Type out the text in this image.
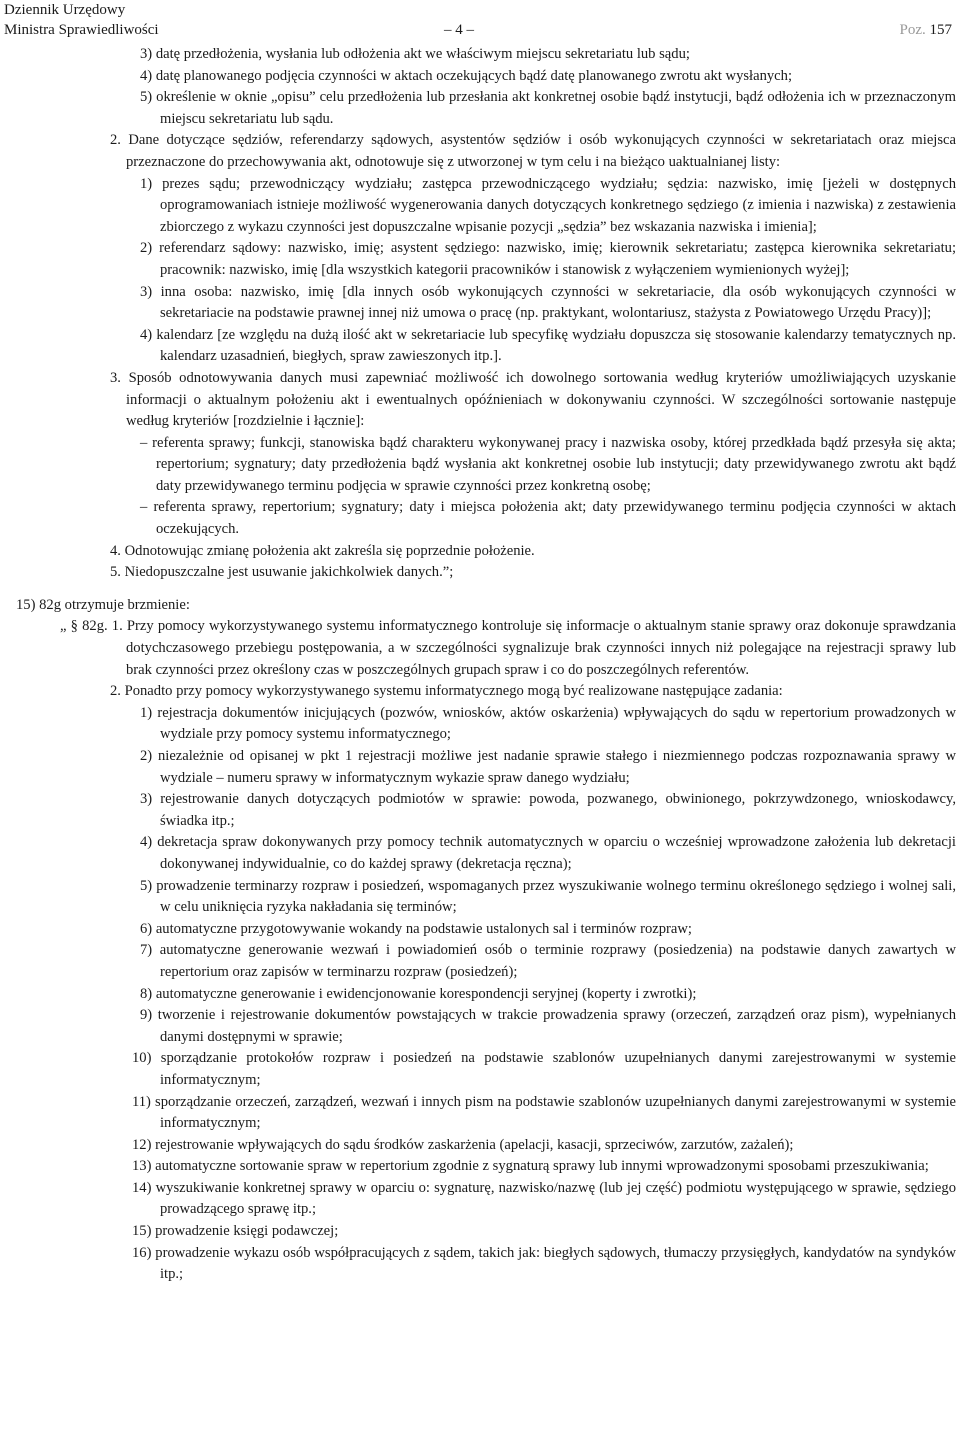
Dziennik Urzędowy
Ministra Sprawiedliwości	– 4 –	Poz. 157
3) datę przedłożenia, wysłania lub odłożenia akt we właściwym miejscu sekretariatu lub sądu;
4) datę planowanego podjęcia czynności w aktach oczekujących bądź datę planowanego zwrotu akt wysłanych;
5) określenie w oknie „opisu” celu przedłożenia lub przesłania akt konkretnej osobie bądź instytucji, bądź odłożenia ich w przeznaczonym miejscu sekretariatu lub sądu.
2. Dane dotyczące sędziów, referendarzy sądowych, asystentów sędziów i osób wykonujących czynności w sekretariatach oraz miejsca przeznaczone do przechowywania akt, odnotowuje się z utworzonej w tym celu i na bieżąco uaktualnianej listy:
1) prezes sądu; przewodniczący wydziału; zastępca przewodniczącego wydziału; sędzia: nazwisko, imię [jeżeli w dostępnych oprogramowaniach istnieje możliwość wygenerowania danych dotyczących konkretnego sędziego (z imienia i nazwiska) z zestawienia zbiorczego z wykazu czynności jest dopuszczalne wpisanie pozycji „sędzia” bez wskazania nazwiska i imienia];
2) referendarz sądowy: nazwisko, imię; asystent sędziego: nazwisko, imię; kierownik sekretariatu; zastępca kierownika sekretariatu; pracownik: nazwisko, imię [dla wszystkich kategorii pracowników i stanowisk z wyłączeniem wymienionych wyżej];
3) inna osoba: nazwisko, imię [dla innych osób wykonujących czynności w sekretariacie, dla osób wykonujących czynności w sekretariacie na podstawie prawnej innej niż umowa o pracę (np. praktykant, wolontariusz, stażysta z Powiatowego Urzędu Pracy)];
4) kalendarz [ze względu na dużą ilość akt w sekretariacie lub specyfikę wydziału dopuszcza się stosowanie kalendarzy tematycznych np. kalendarz uzasadnień, biegłych, spraw zawieszonych itp.].
3. Sposób odnotowywania danych musi zapewniać możliwość ich dowolnego sortowania według kryteriów umożliwiających uzyskanie informacji o aktualnym położeniu akt i ewentualnych opóźnieniach w dokonywaniu czynności. W szczególności sortowanie następuje według kryteriów [rozdzielnie i łącznie]:
– referenta sprawy; funkcji, stanowiska bądź charakteru wykonywanej pracy i nazwiska osoby, której przedkłada bądź przesyła się akta; repertorium; sygnatury; daty przedłożenia bądź wysłania akt konkretnej osobie lub instytucji; daty przewidywanego zwrotu akt bądź daty przewidywanego terminu podjęcia w sprawie czynności przez konkretną osobę;
– referenta sprawy, repertorium; sygnatury; daty i miejsca położenia akt; daty przewidywanego terminu podjęcia czynności w aktach oczekujących.
4. Odnotowując zmianę położenia akt zakreśla się poprzednie położenie.
5. Niedopuszczalne jest usuwanie jakichkolwiek danych.”;
15) 82g otrzymuje brzmienie:
„ § 82g. 1. Przy pomocy wykorzystywanego systemu informatycznego kontroluje się informacje o aktualnym stanie sprawy oraz dokonuje sprawdzania dotychczasowego przebiegu postępowania, a w szczególności sygnalizuje brak czynności innych niż polegające na rejestracji sprawy lub brak czynności przez określony czas w poszczególnych grupach spraw i co do poszczególnych referentów.
2. Ponadto przy pomocy wykorzystywanego systemu informatycznego mogą być realizowane następujące zadania:
1) rejestracja dokumentów inicjujących (pozwów, wniosków, aktów oskarżenia) wpływających do sądu w repertorium prowadzonych w wydziale przy pomocy systemu informatycznego;
2) niezależnie od opisanej w pkt 1 rejestracji możliwe jest nadanie sprawie stałego i niezmiennego podczas rozpoznawania sprawy w wydziale – numeru sprawy w informatycznym wykazie spraw danego wydziału;
3) rejestrowanie danych dotyczących podmiotów w sprawie: powoda, pozwanego, obwinionego, pokrzywdzonego, wnioskodawcy, świadka itp.;
4) dekretacja spraw dokonywanych przy pomocy technik automatycznych w oparciu o wcześniej wprowadzone założenia lub dekretacji dokonywanej indywidualnie, co do każdej sprawy (dekretacja ręczna);
5) prowadzenie terminarzy rozpraw i posiedzeń, wspomaganych przez wyszukiwanie wolnego terminu określonego sędziego i wolnej sali, w celu uniknięcia ryzyka nakładania się terminów;
6) automatyczne przygotowywanie wokandy na podstawie ustalonych sal i terminów rozpraw;
7) automatyczne generowanie wezwań i powiadomień osób o terminie rozprawy (posiedzenia) na podstawie danych zawartych w repertorium oraz zapisów w terminarzu rozpraw (posiedzeń);
8) automatyczne generowanie i ewidencjonowanie korespondencji seryjnej (koperty i zwrotki);
9) tworzenie i rejestrowanie dokumentów powstających w trakcie prowadzenia sprawy (orzeczeń, zarządzeń oraz pism), wypełnianych danymi dostępnymi w sprawie;
10) sporządzanie protokołów rozpraw i posiedzeń na podstawie szablonów uzupełnianych danymi zarejestrowanymi w systemie informatycznym;
11) sporządzanie orzeczeń, zarządzeń, wezwań i innych pism na podstawie szablonów uzupełnianych danymi zarejestrowanymi w systemie informatycznym;
12) rejestrowanie wpływających do sądu środków zaskarżenia (apelacji, kasacji, sprzeciwów, zarzutów, zażaleń);
13) automatyczne sortowanie spraw w repertorium zgodnie z sygnaturą sprawy lub innymi wprowadzonymi sposobami przeszukiwania;
14) wyszukiwanie konkretnej sprawy w oparciu o: sygnaturę, nazwisko/nazwę (lub jej część) podmiotu występującego w sprawie, sędziego prowadzącego sprawę itp.;
15) prowadzenie księgi podawczej;
16) prowadzenie wykazu osób współpracujących z sądem, takich jak: biegłych sądowych, tłumaczy przysięgłych, kandydatów na syndyków itp.;
